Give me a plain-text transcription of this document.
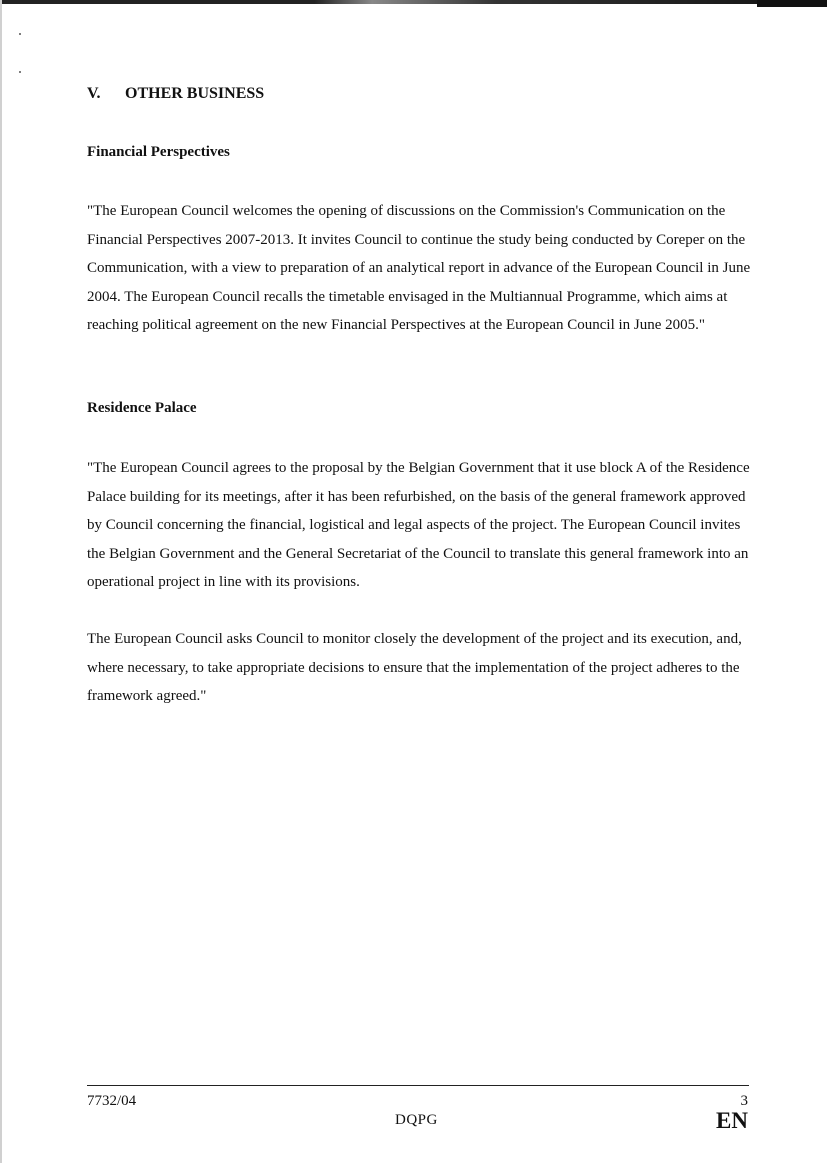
V. OTHER BUSINESS
Financial Perspectives
"The European Council welcomes the opening of discussions on the Commission's Communication on the Financial Perspectives 2007-2013. It invites Council to continue the study being conducted by Coreper on the Communication, with a view to preparation of an analytical report in advance of the European Council in June 2004. The European Council recalls the timetable envisaged in the Multiannual Programme, which aims at reaching political agreement on the new Financial Perspectives at the European Council in June 2005."
Residence Palace
"The European Council agrees to the proposal by the Belgian Government that it use block A of the Residence Palace building for its meetings, after it has been refurbished, on the basis of the general framework approved by Council concerning the financial, logistical and legal aspects of the project. The European Council invites the Belgian Government and the General Secretariat of the Council to translate this general framework into an operational project in line with its provisions.
The European Council asks Council to monitor closely the development of the project and its execution, and, where necessary, to take appropriate decisions to ensure that the implementation of the project adheres to the framework agreed."
7732/04
DQPG
3
EN
